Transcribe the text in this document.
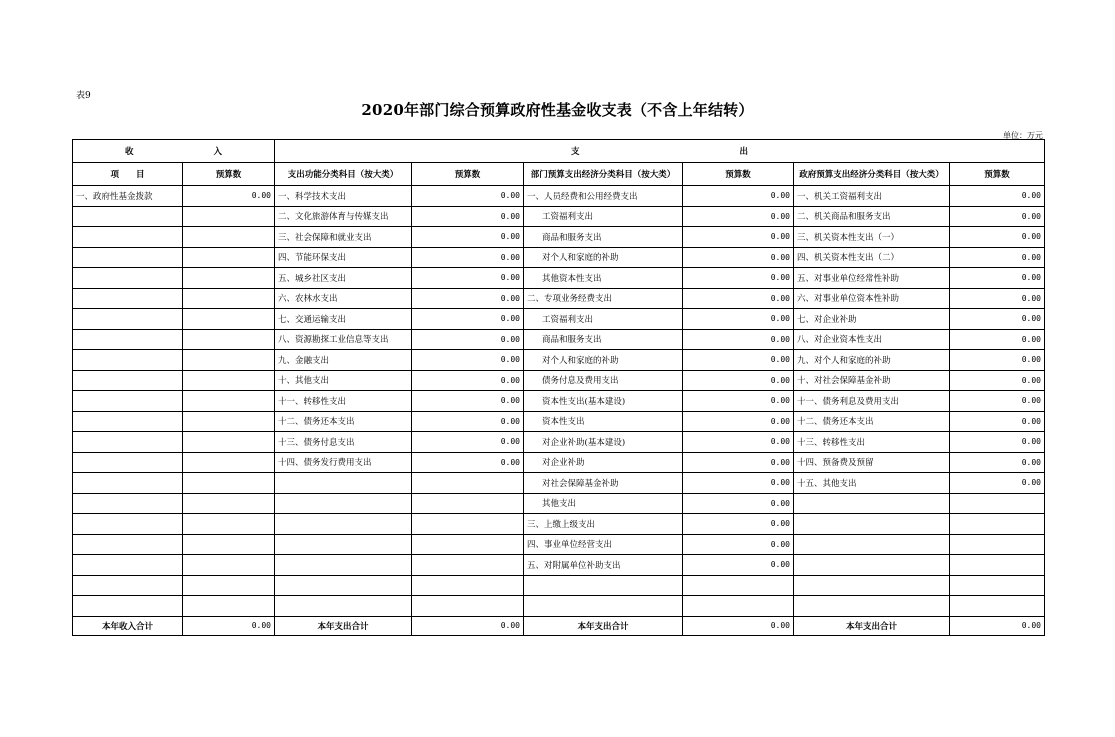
表9
2020年部门综合预算政府性基金收支表（不含上年结转）
单位：万元
收 入		支 出					
项　　目	预算数	支出功能分类科目（按大类）	预算数	部门预算支出经济分类科目（按大类）	预算数	政府预算支出经济分类科目（按大类）	预算数
一、政府性基金拨款	0.00	一、科学技术支出	0.00	一、人员经费和公用经费支出	0.00	一、机关工资福利支出	0.00
		二、文化旅游体育与传媒支出	0.00	工资福利支出	0.00	二、机关商品和服务支出	0.00
		三、社会保障和就业支出	0.00	商品和服务支出	0.00	三、机关资本性支出（一）	0.00
		四、节能环保支出	0.00	对个人和家庭的补助	0.00	四、机关资本性支出（二）	0.00
		五、城乡社区支出	0.00	其他资本性支出	0.00	五、对事业单位经常性补助	0.00
		六、农林水支出	0.00	二、专项业务经费支出	0.00	六、对事业单位资本性补助	0.00
		七、交通运输支出	0.00	工资福利支出	0.00	七、对企业补助	0.00
		八、资源勘探工业信息等支出	0.00	商品和服务支出	0.00	八、对企业资本性支出	0.00
		九、金融支出	0.00	对个人和家庭的补助	0.00	九、对个人和家庭的补助	0.00
		十、其他支出	0.00	债务付息及费用支出	0.00	十、对社会保障基金补助	0.00
		十一、转移性支出	0.00	资本性支出(基本建设)	0.00	十一、债务利息及费用支出	0.00
		十二、债务还本支出	0.00	资本性支出	0.00	十二、债务还本支出	0.00
		十三、债务付息支出	0.00	对企业补助(基本建设)	0.00	十三、转移性支出	0.00
		十四、债务发行费用支出	0.00	对企业补助	0.00	十四、预备费及预留	0.00
				对社会保障基金补助	0.00	十五、其他支出	0.00
				其他支出	0.00		
				三、上缴上级支出	0.00		
				四、事业单位经营支出	0.00		
				五、对附属单位补助支出	0.00		

本年收入合计	0.00	本年支出合计	0.00	本年支出合计	0.00	本年支出合计	0.00
